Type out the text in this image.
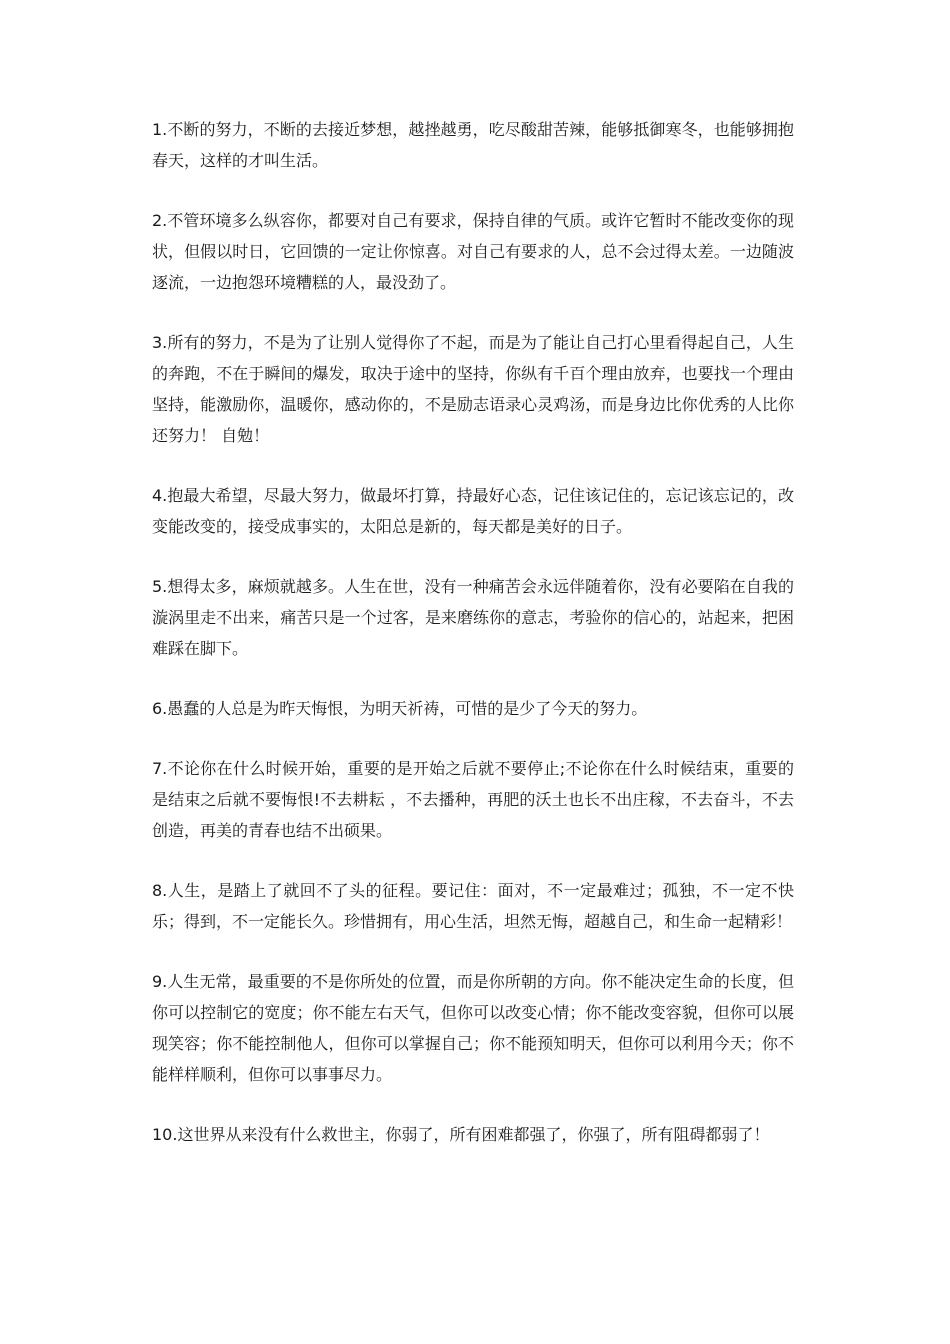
1.不断的努力，不断的去接近梦想，越挫越勇，吃尽酸甜苦辣，能够抵御寒冬，也能够拥抱春天，这样的才叫生活。

2.不管环境多么纵容你，都要对自己有要求，保持自律的气质。或许它暂时不能改变你的现状，但假以时日，它回馈的一定让你惊喜。对自己有要求的人，总不会过得太差。一边随波逐流，一边抱怨环境糟糕的人，最没劲了。

3.所有的努力，不是为了让别人觉得你了不起，而是为了能让自己打心里看得起自己，人生的奔跑，不在于瞬间的爆发，取决于途中的坚持，你纵有千百个理由放弃，也要找一个理由坚持，能激励你，温暖你，感动你的，不是励志语录心灵鸡汤，而是身边比你优秀的人比你还努力！ 自勉！

4.抱最大希望，尽最大努力，做最坏打算，持最好心态，记住该记住的，忘记该忘记的，改变能改变的，接受成事实的，太阳总是新的，每天都是美好的日子。

5.想得太多，麻烦就越多。人生在世，没有一种痛苦会永远伴随着你，没有必要陷在自我的漩涡里走不出来，痛苦只是一个过客，是来磨练你的意志，考验你的信心的，站起来，把困难踩在脚下。

6.愚蠢的人总是为昨天悔恨，为明天祈祷，可惜的是少了今天的努力。

7.不论你在什么时候开始，重要的是开始之后就不要停止;不论你在什么时候结束，重要的是结束之后就不要悔恨!不去耕耘 ，不去播种，再肥的沃土也长不出庄稼，不去奋斗，不去创造，再美的青春也结不出硕果。

8.人生，是踏上了就回不了头的征程。要记住：面对，不一定最难过；孤独，不一定不快乐；得到，不一定能长久。珍惜拥有，用心生活，坦然无悔，超越自己，和生命一起精彩！

9.人生无常，最重要的不是你所处的位置，而是你所朝的方向。你不能决定生命的长度，但你可以控制它的宽度；你不能左右天气，但你可以改变心情；你不能改变容貌，但你可以展现笑容；你不能控制他人，但你可以掌握自己；你不能预知明天，但你可以利用今天；你不能样样顺利，但你可以事事尽力。

10.这世界从来没有什么救世主，你弱了，所有困难都强了，你强了，所有阻碍都弱了！
